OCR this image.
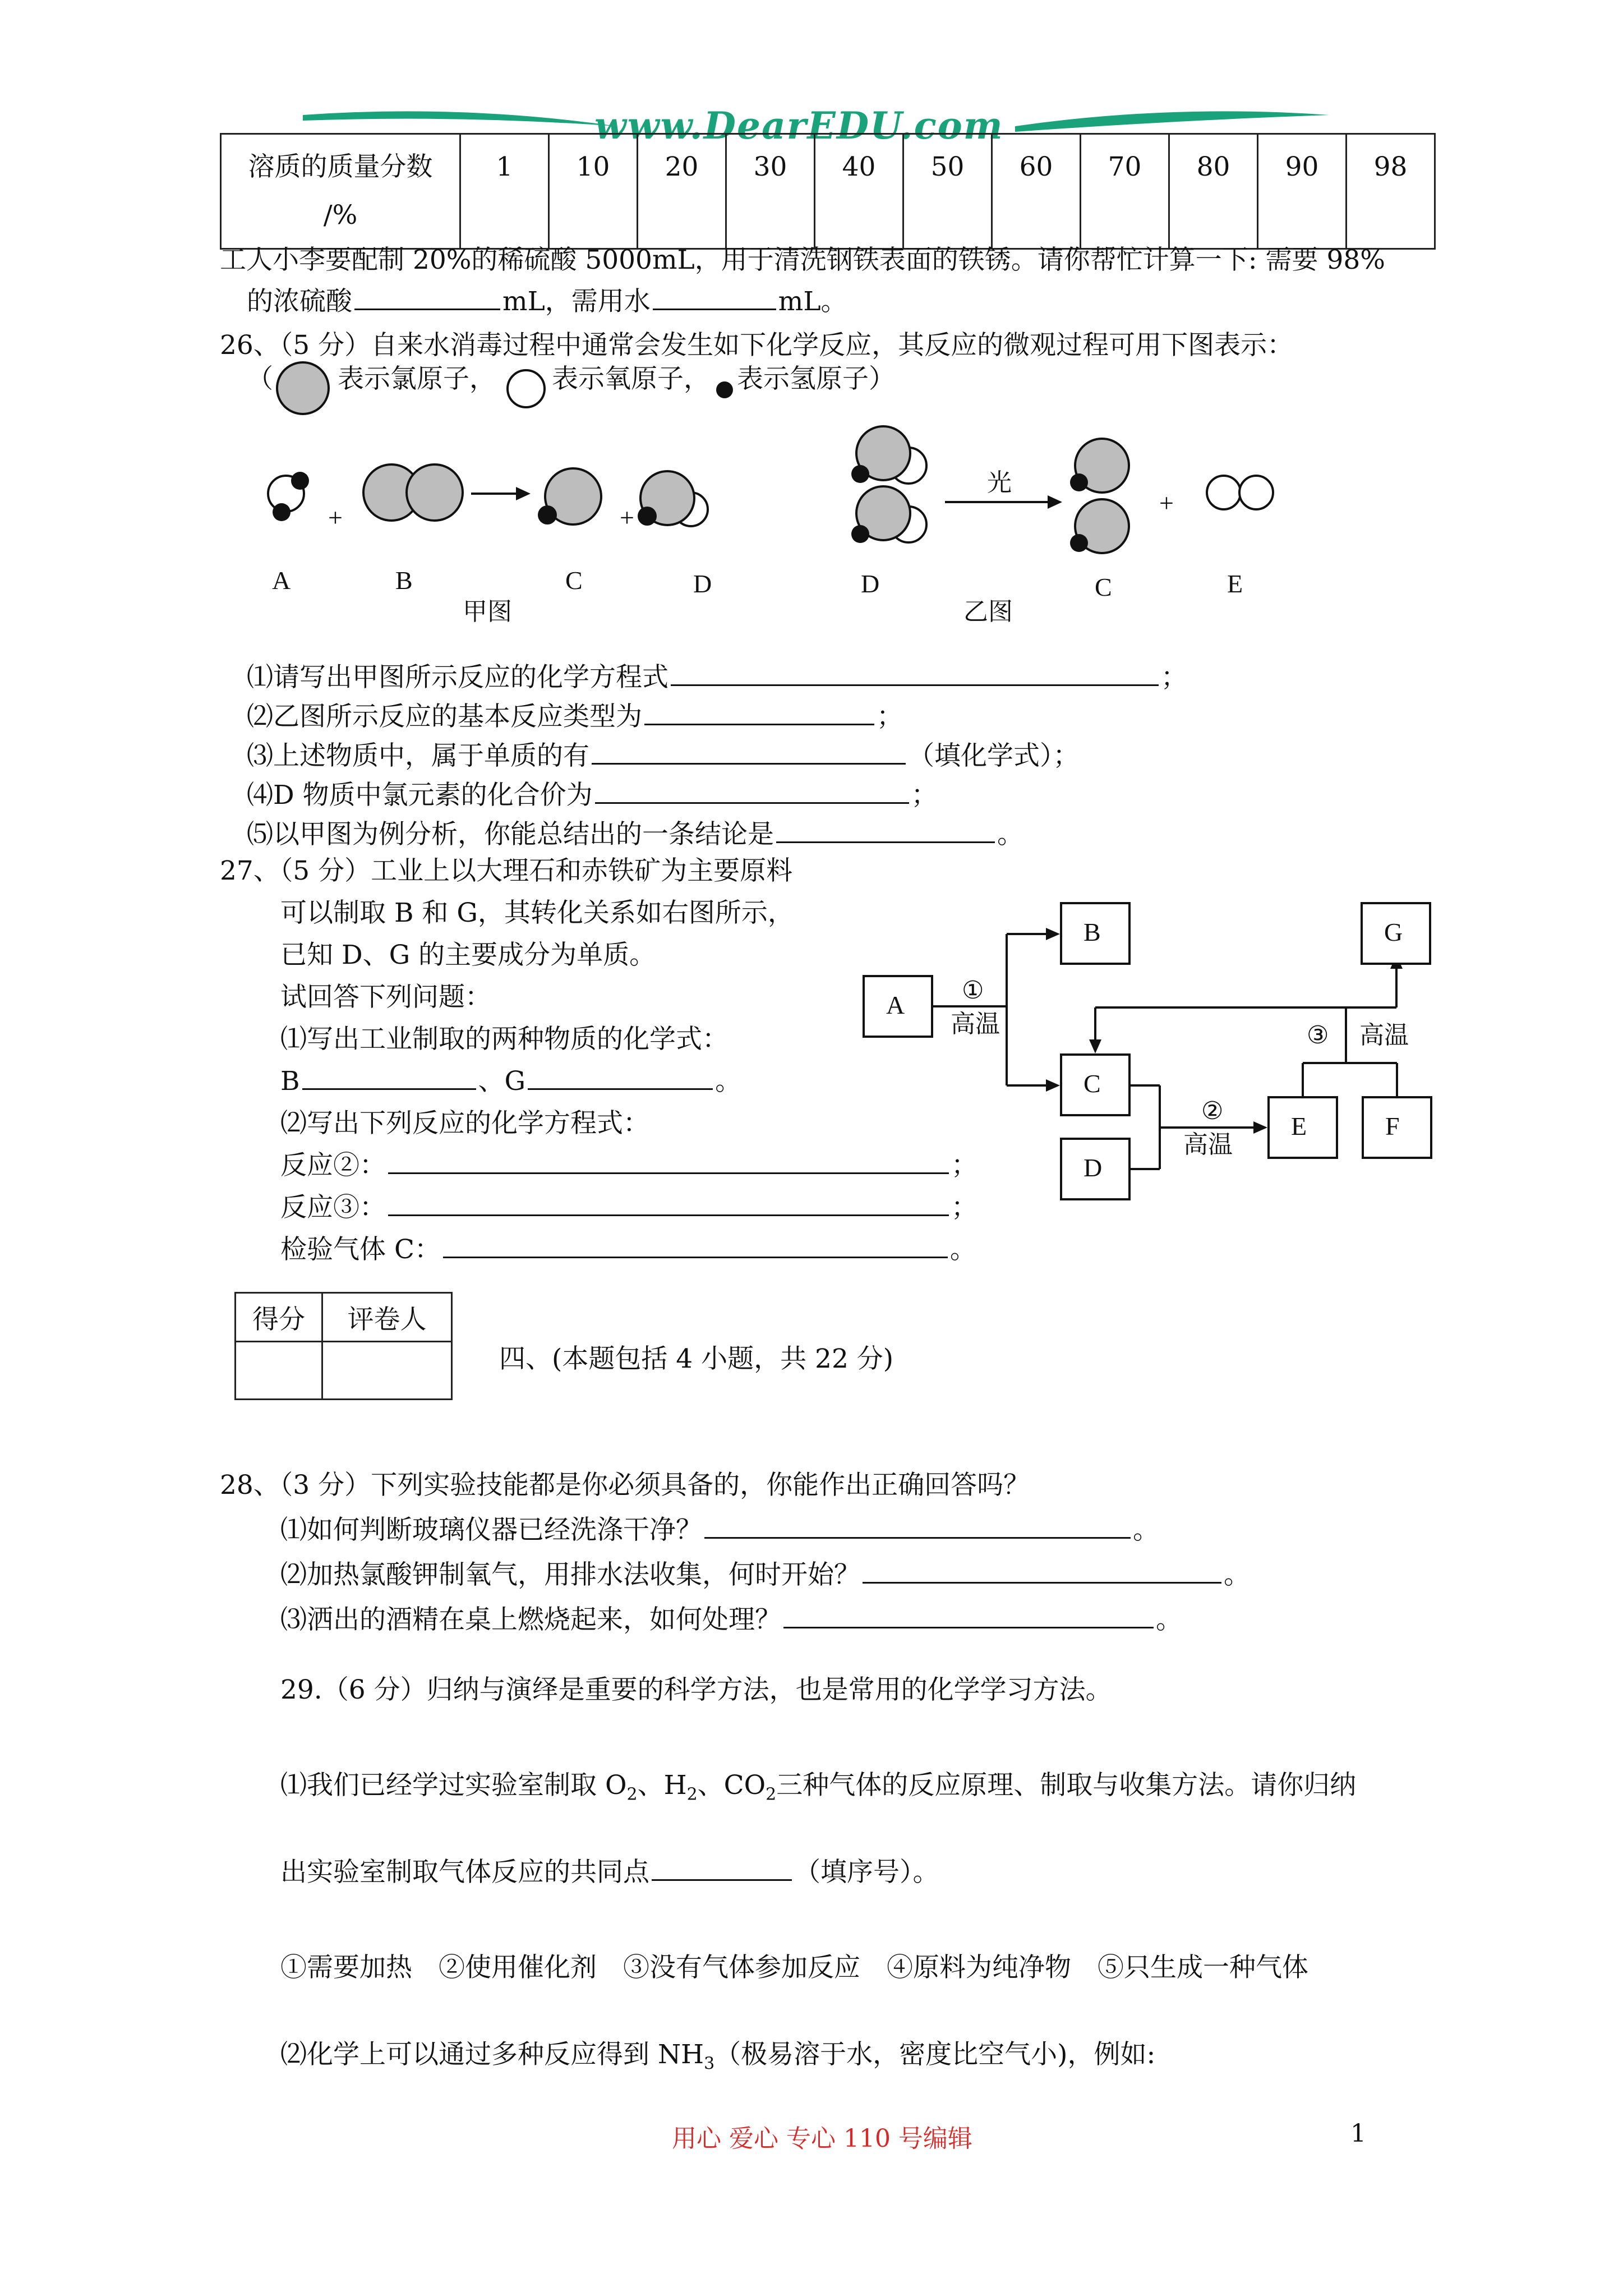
www.DearEDU.com
溶质的质量分数
/%
	1	10	20	30	40	50	60	70	80	90	98
工人小李要配制 20%的稀硫酸 5000mL，用于清洗钢铁表面的铁锈。请你帮忙计算一下: 需要 98%
的浓硫酸	mL，需用水	mL。
26、（5 分）自来水消毒过程中通常会发生如下化学反应，其反应的微观过程可用下图表示：
（ 表示氯原子， 表示氧原子， 表示氢原子）
+	+
A	B	C	D
甲图
光
+
D
乙图
C	E
⑴请写出甲图所示反应的化学方程式	；
⑵乙图所示反应的基本反应类型为	；
⑶上述物质中，属于单质的有	（填化学式）；
⑷D 物质中氯元素的化合价为	；
⑸以甲图为例分析，你能总结出的一条结论是	。
27、（5 分）工业上以大理石和赤铁矿为主要原料
可以制取 B 和 G，其转化关系如右图所示，
已知 D、G 的主要成分为单质。
试回答下列问题：
⑴写出工业制取的两种物质的化学式：
B	、G	。
⑵写出下列反应的化学方程式：
反应②：	；
反应③：	；
检验气体 C：	。
A
①
高温
B
C
D
②
高温
E	F
③ 高温
G
得分	评卷人

四、(本题包括 4 小题，共 22 分)
28、（3 分）下列实验技能都是你必须具备的，你能作出正确回答吗？
⑴如何判断玻璃仪器已经洗涤干净？	。
⑵加热氯酸钾制氧气，用排水法收集，何时开始？	。
⑶洒出的酒精在桌上燃烧起来，如何处理？	。
29.（6 分）归纳与演绎是重要的科学方法，也是常用的化学学习方法。
⑴我们已经学过实验室制取 $O_2$、$H_2$、$CO_2$三种气体的反应原理、制取与收集方法。请你归纳
出实验室制取气体反应的共同点	（填序号）。
①需要加热　②使用催化剂　③没有气体参加反应　④原料为纯净物　⑤只生成一种气体
⑵化学上可以通过多种反应得到 $NH_3$（极易溶于水，密度比空气小)，例如:
用心 爱心 专心 110 号编辑	1
